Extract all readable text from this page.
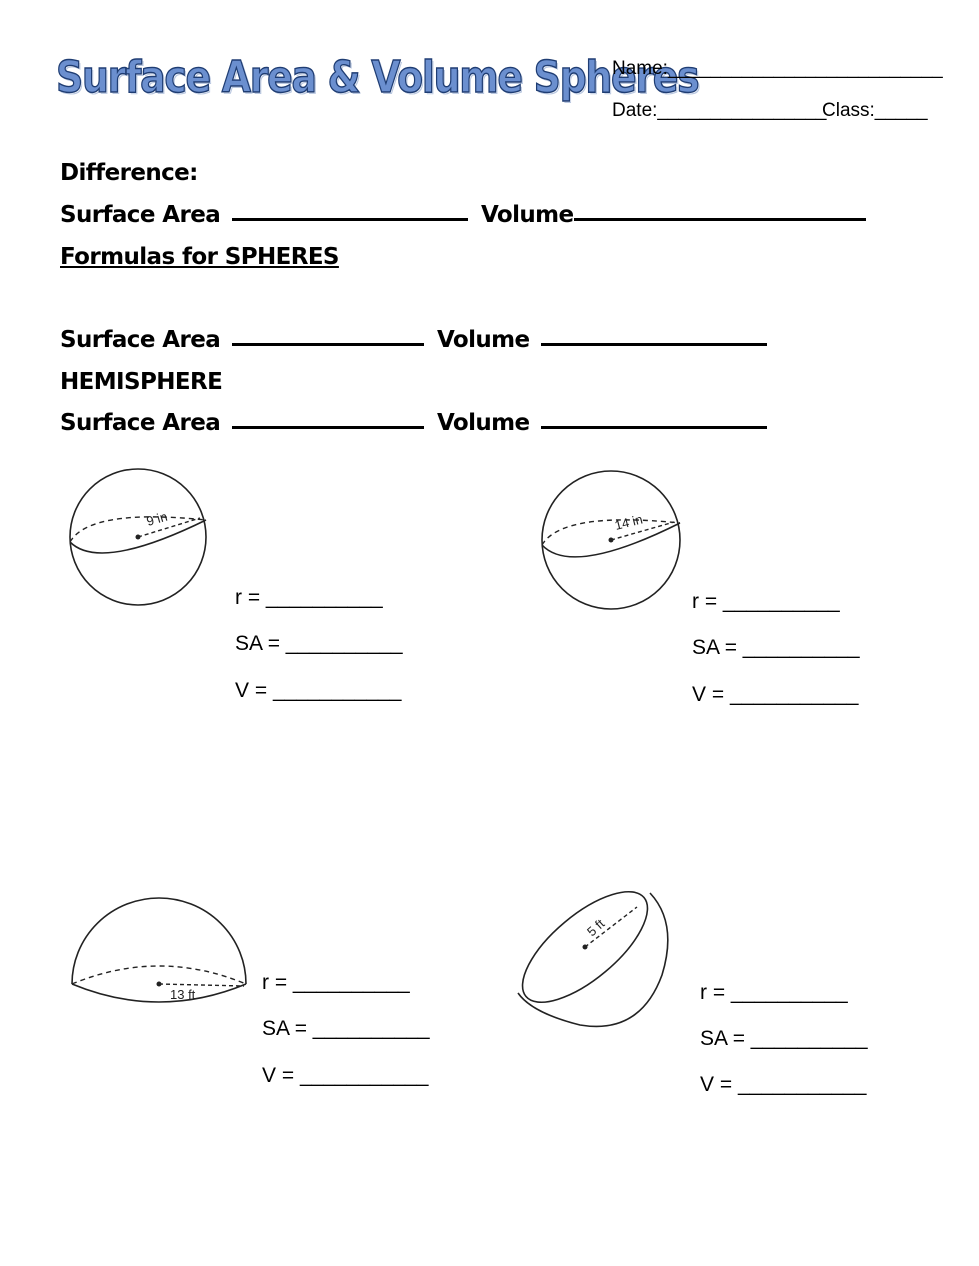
Surface Area & Volume Spheres
Name:__________________________
Date:________________
Class:_____
Difference:
Surface Area	Volume
Formulas for SPHERES
Surface Area	Volume
HEMISPHERE
Surface Area	Volume
9 in
r = __________
SA = __________
V = ___________
14 in
r = __________
SA = __________
V = ___________
13 ft
r = __________
SA = __________
V = ___________
5 ft
r = __________
SA = __________
V = ___________
